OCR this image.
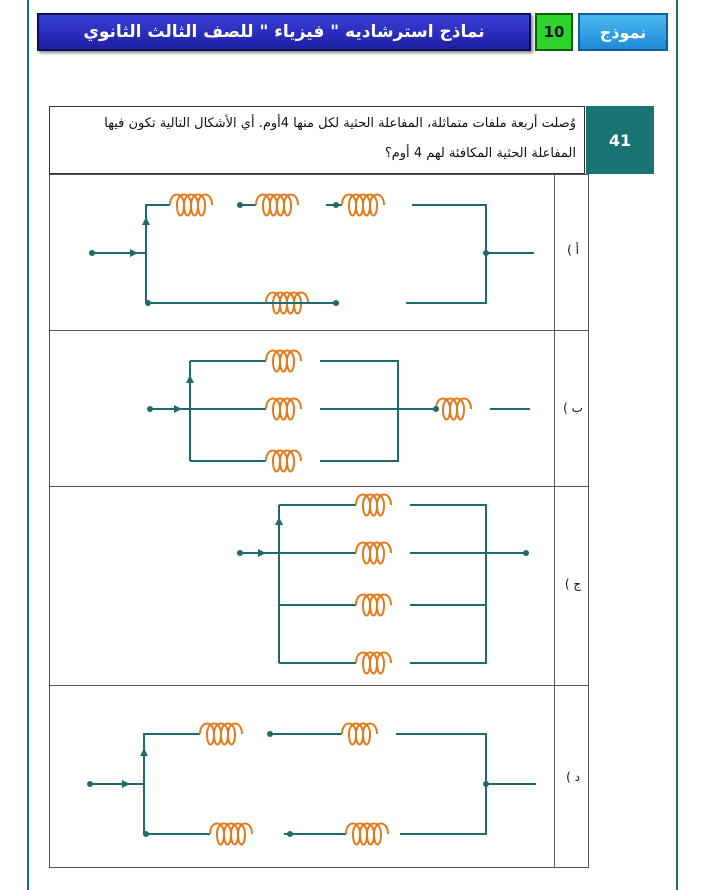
نموذج
10
نماذج استرشاديه " فيزياء " للصف الثالث الثانوي
41
وُصلت أربعة ملفات متماثلة، المفاعلة الحثية لكل منها 4أوم. أي الأشكال التالية تكون فيها المفاعلة الحثية المكافئة لهم 4 أوم؟
أ )
ب )
ج )
د )
